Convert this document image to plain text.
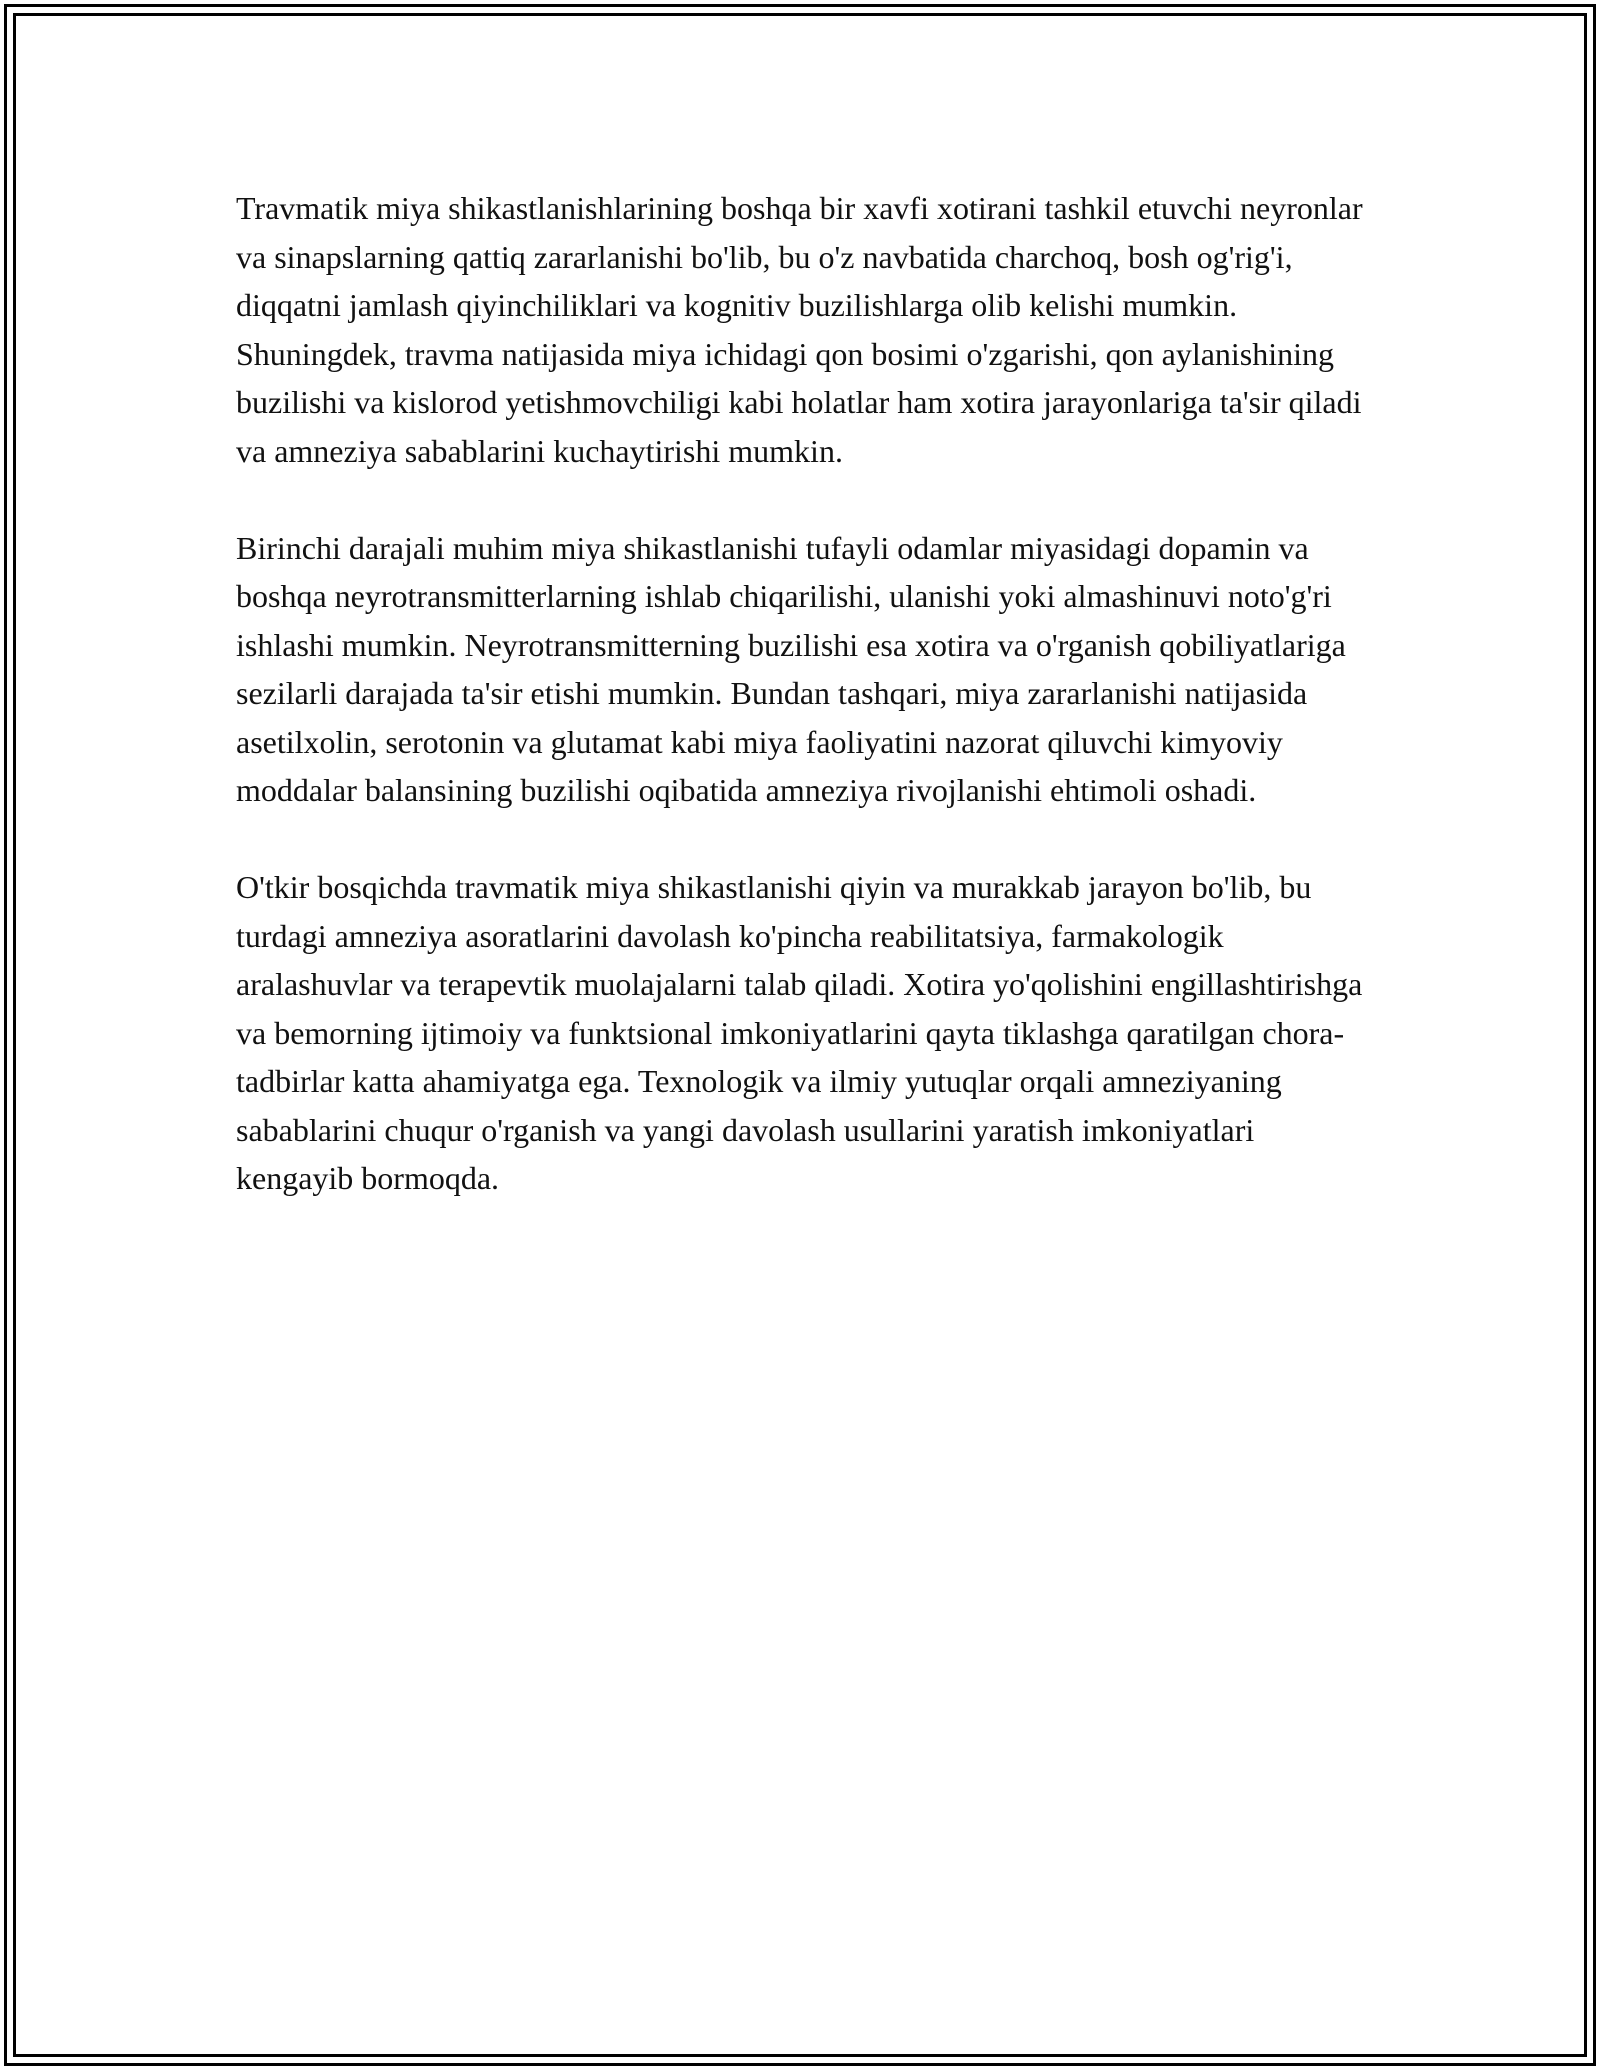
Travmatik miya shikastlanishlarining boshqa bir xavfi xotirani tashkil etuvchi neyronlar va sinapslarning qattiq zararlanishi bo'lib, bu o'z navbatida charchoq, bosh og'rig'i, diqqatni jamlash qiyinchiliklari va kognitiv buzilishlarga olib kelishi mumkin. Shuningdek, travma natijasida miya ichidagi qon bosimi o'zgarishi, qon aylanishining buzilishi va kislorod yetishmovchiligi kabi holatlar ham xotira jarayonlariga ta'sir qiladi va amneziya sabablarini kuchaytirishi mumkin.

Birinchi darajali muhim miya shikastlanishi tufayli odamlar miyasidagi dopamin va boshqa neyrotransmitterlarning ishlab chiqarilishi, ulanishi yoki almashinuvi noto'g'ri ishlashi mumkin. Neyrotransmitterning buzilishi esa xotira va o'rganish qobiliyatlariga sezilarli darajada ta'sir etishi mumkin. Bundan tashqari, miya zararlanishi natijasida asetilxolin, serotonin va glutamat kabi miya faoliyatini nazorat qiluvchi kimyoviy moddalar balansining buzilishi oqibatida amneziya rivojlanishi ehtimoli oshadi.

O'tkir bosqichda travmatik miya shikastlanishi qiyin va murakkab jarayon bo'lib, bu turdagi amneziya asoratlarini davolash ko'pincha reabilitatsiya, farmakologik aralashuvlar va terapevtik muolajalarni talab qiladi. Xotira yo'qolishini engillashtirishga va bemorning ijtimoiy va funktsional imkoniyatlarini qayta tiklashga qaratilgan chora-tadbirlar katta ahamiyatga ega. Texnologik va ilmiy yutuqlar orqali amneziyaning sabablarini chuqur o'rganish va yangi davolash usullarini yaratish imkoniyatlari kengayib bormoqda.
